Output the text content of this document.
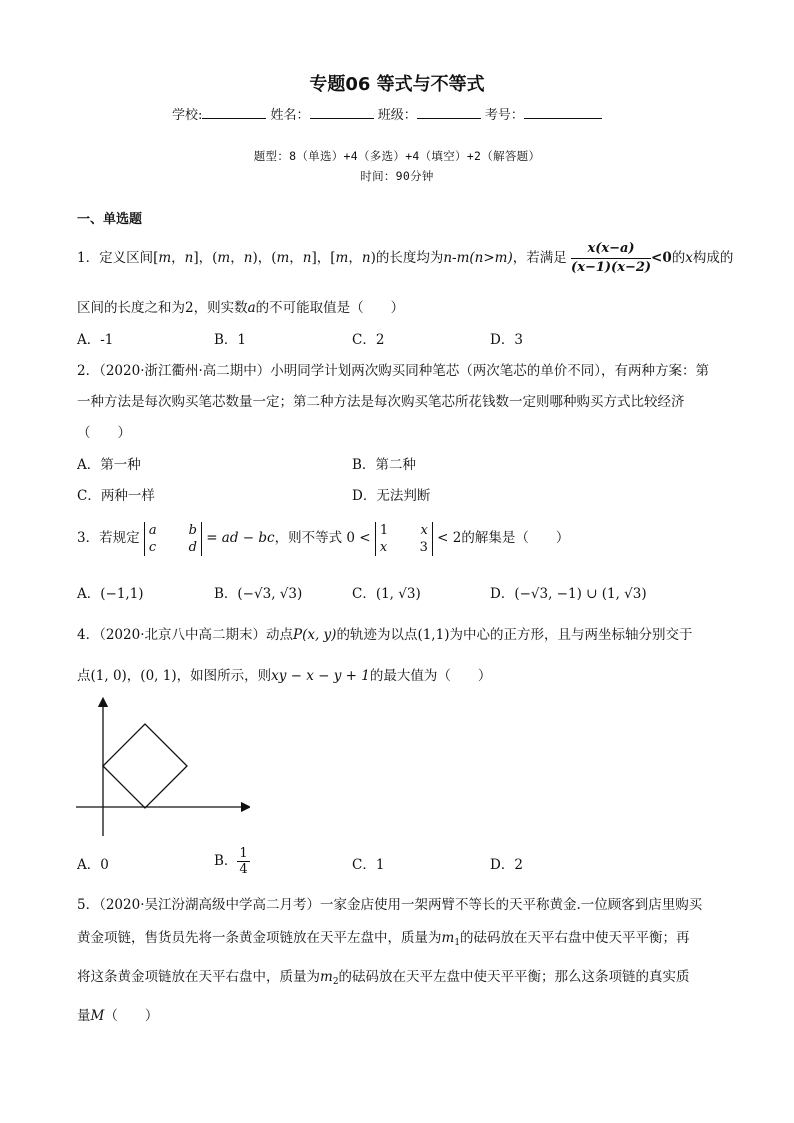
专题06 等式与不等式
学校:	姓名：	班级：	考号：
题型：8（单选）+4（多选）+4（填空）+2（解答题）
时间：90分钟
一、单选题
1．定义区间[m，n]，(m，n)，(m，n]，[m，n)的长度均为n-m(n>m)，若满足 $\frac{x(x-a)}{(x-1)(x-2)} <0$的x构成的
区间的长度之和为2，则实数a的不可能取值是（　　）
A．-1	B．1	C．2	D．3
2．（2020·浙江衢州·高二期中）小明同学计划两次购买同种笔芯（两次笔芯的单价不同），有两种方案：第
一种方法是每次购买笔芯数量一定；第二种方法是每次购买笔芯所花钱数一定则哪种购买方式比较经济
（　　）
A．第一种	B．第二种
C．两种一样	D．无法判断
3．若规定 a b
c d = ad − bc，则不等式 0 < 1 x
x 3 < 2的解集是（　　）
A．(−1,1)	B．(−√3, √3)	C．(1, √3)	D．(−√3, −1) ∪ (1, √3)
4．（2020·北京八中高二期末）动点P(x, y)的轨迹为以点(1,1)为中心的正方形，且与两坐标轴分别交于
点(1, 0)，(0, 1)，如图所示，则xy − x − y + 1的最大值为（　　）
A．0	B． $\frac{1}{4}$	C．1	D．2
5．（2020·吴江汾湖高级中学高二月考）一家金店使用一架两臂不等长的天平称黄金.一位顾客到店里购买
黄金项链，售货员先将一条黄金项链放在天平左盘中，质量为$m_1$的砝码放在天平右盘中使天平平衡；再
将这条黄金项链放在天平右盘中，质量为$m_2$的砝码放在天平左盘中使天平平衡；那么这条项链的真实质
量M（　　）
